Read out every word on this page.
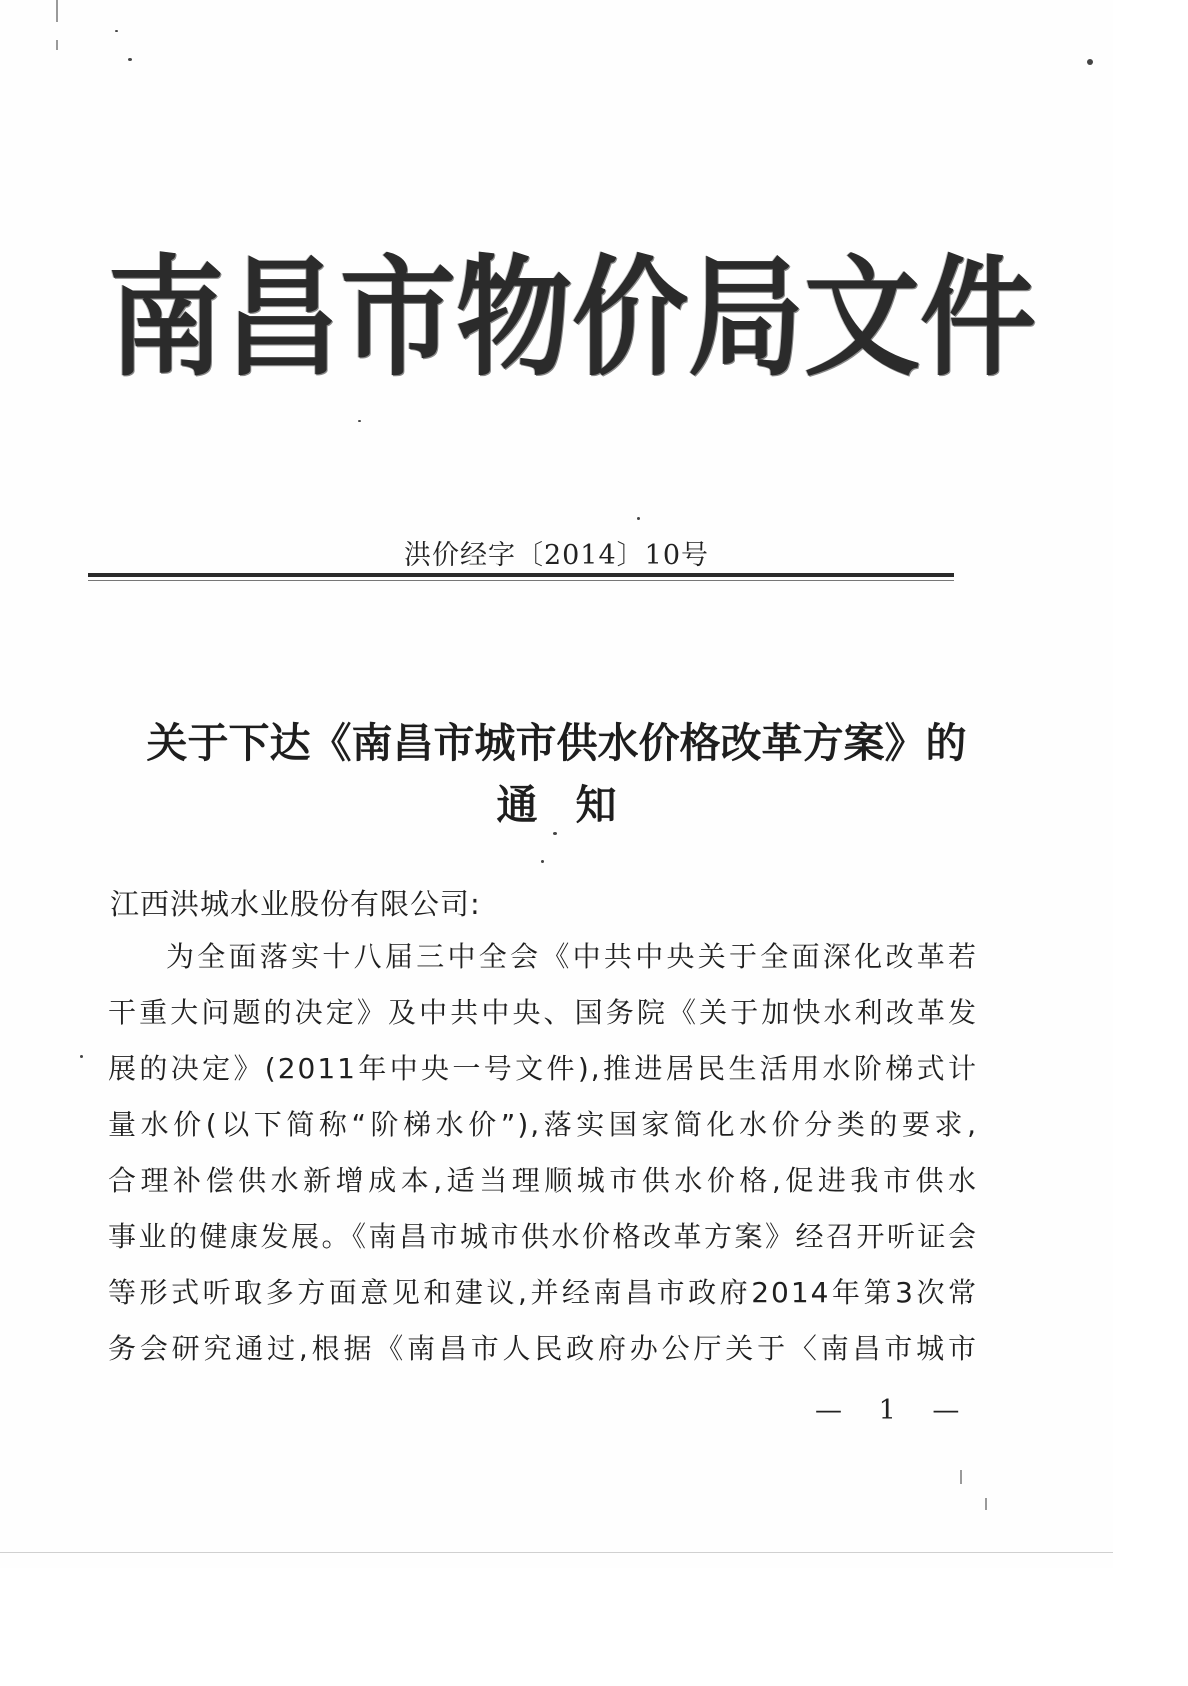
南 昌 市 物 价 局 文 件
洪价经字〔2014〕10号
关于下达《南昌市城市供水价格改革方案》的
通知
江西洪城水业股份有限公司:
为全面落实十八届三中全会《中共中央关于全面深化改革若
干重大问题的决定》及中共中央、国务院《关于加快水利改革发
展的决定》(2011年中央一号文件),推进居民生活用水阶梯式计
量水价(以下简称“阶梯水价”),落实国家简化水价分类的要求,
合理补偿供水新增成本,适当理顺城市供水价格,促进我市供水
事业的健康发展。《南昌市城市供水价格改革方案》经召开听证会
等形式听取多方面意见和建议,并经南昌市政府2014年第3次常
务会研究通过,根据《南昌市人民政府办公厅关于〈南昌市城市
— 1 —
